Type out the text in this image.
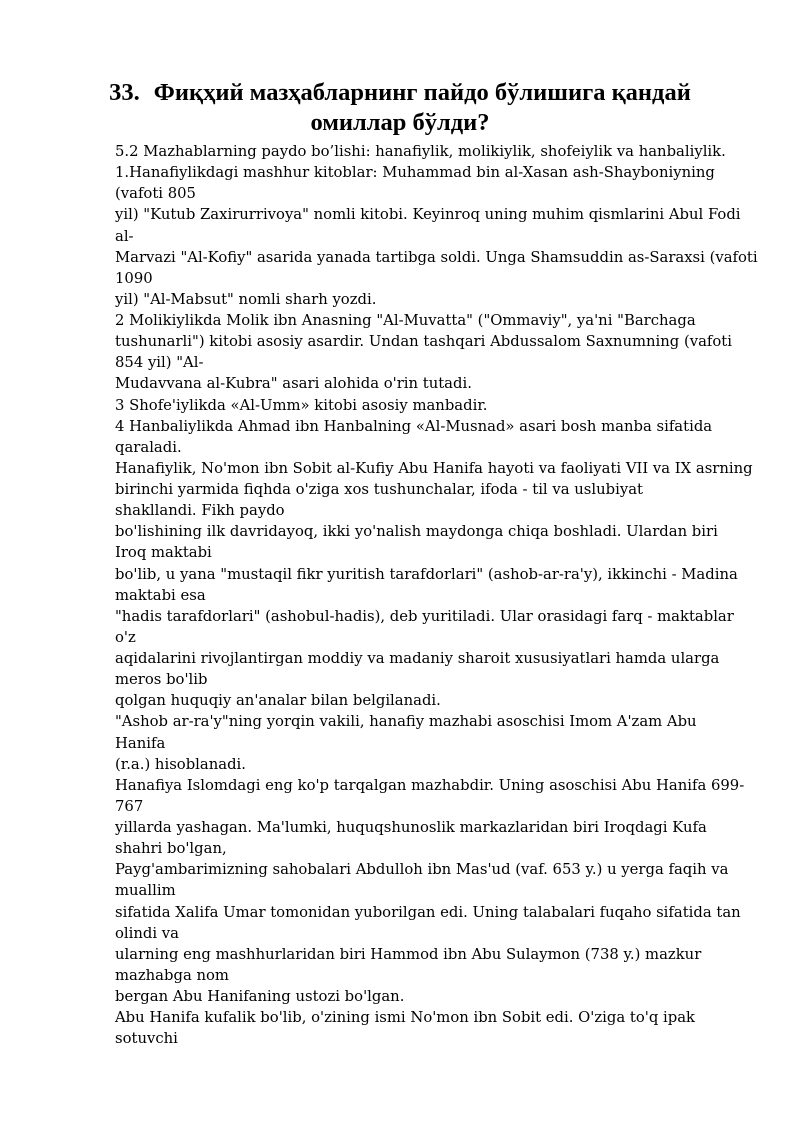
33. Фиқҳий мазҳабларнинг пайдо бўлишига қандай омиллар бўлди?
5.2 Mazhablarning paydo bo’lishi: hanafiylik, molikiylik, shofeiylik va hanbaliylik.
1.Hanafiylikdagi mashhur kitoblar: Muhammad bin al-Xasan ash-Shayboniyning
(vafoti 805
yil) "Kutub Zaxirurrivoya" nomli kitobi. Keyinroq uning muhim qismlarini Abul Fodi
al-
Marvazi "Al-Kofiy" asarida yanada tartibga soldi. Unga Shamsuddin as-Saraxsi (vafoti
1090
yil) "Al-Mabsut" nomli sharh yozdi.
2 Molikiylikda Molik ibn Anasning "Al-Muvatta" ("Ommaviy", ya'ni "Barchaga
tushunarli") kitobi asosiy asardir. Undan tashqari Abdussalom Saxnumning (vafoti
854 yil) "Al-
Mudavvana al-Kubra" asari alohida o'rin tutadi.
3 Shofe'iylikda «Al-Umm» kitobi asosiy manbadir.
4 Hanbaliylikda Ahmad ibn Hanbalning «Al-Musnad» asari bosh manba sifatida
qaraladi.
Hanafiylik, No'mon ibn Sobit al-Kufiy Abu Hanifa hayoti va faoliyati VII va IX asrning
birinchi yarmida fiqhda o'ziga xos tushunchalar, ifoda - til va uslubiyat
shakllandi. Fikh paydo
bo'lishining ilk davridayoq, ikki yo'nalish maydonga chiqa boshladi. Ulardan biri
Iroq maktabi
bo'lib, u yana "mustaqil fikr yuritish tarafdorlari" (ashob-ar-ra'y), ikkinchi - Madina
maktabi esa
"hadis tarafdorlari" (ashobul-hadis), deb yuritiladi. Ular orasidagi farq - maktablar
o'z
aqidalarini rivojlantirgan moddiy va madaniy sharoit xususiyatlari hamda ularga
meros bo'lib
qolgan huquqiy an'analar bilan belgilanadi.
"Ashob ar-ra'y"ning yorqin vakili, hanafiy mazhabi asoschisi Imom A'zam Abu
Hanifa
(r.a.) hisoblanadi.
Hanafiya Islomdagi eng ko'p tarqalgan mazhabdir. Uning asoschisi Abu Hanifa 699-
767
yillarda yashagan. Ma'lumki, huquqshunoslik markazlaridan biri Iroqdagi Kufa
shahri bo'lgan,
Payg'ambarimizning sahobalari Abdulloh ibn Mas'ud (vaf. 653 y.) u yerga faqih va
muallim
sifatida Xalifa Umar tomonidan yuborilgan edi. Uning talabalari fuqaho sifatida tan
olindi va
ularning eng mashhurlaridan biri Hammod ibn Abu Sulaymon (738 y.) mazkur
mazhabga nom
bergan Abu Hanifaning ustozi bo'lgan.
Abu Hanifa kufalik bo'lib, o'zining ismi No'mon ibn Sobit edi. O'ziga to'q ipak
sotuvchi
